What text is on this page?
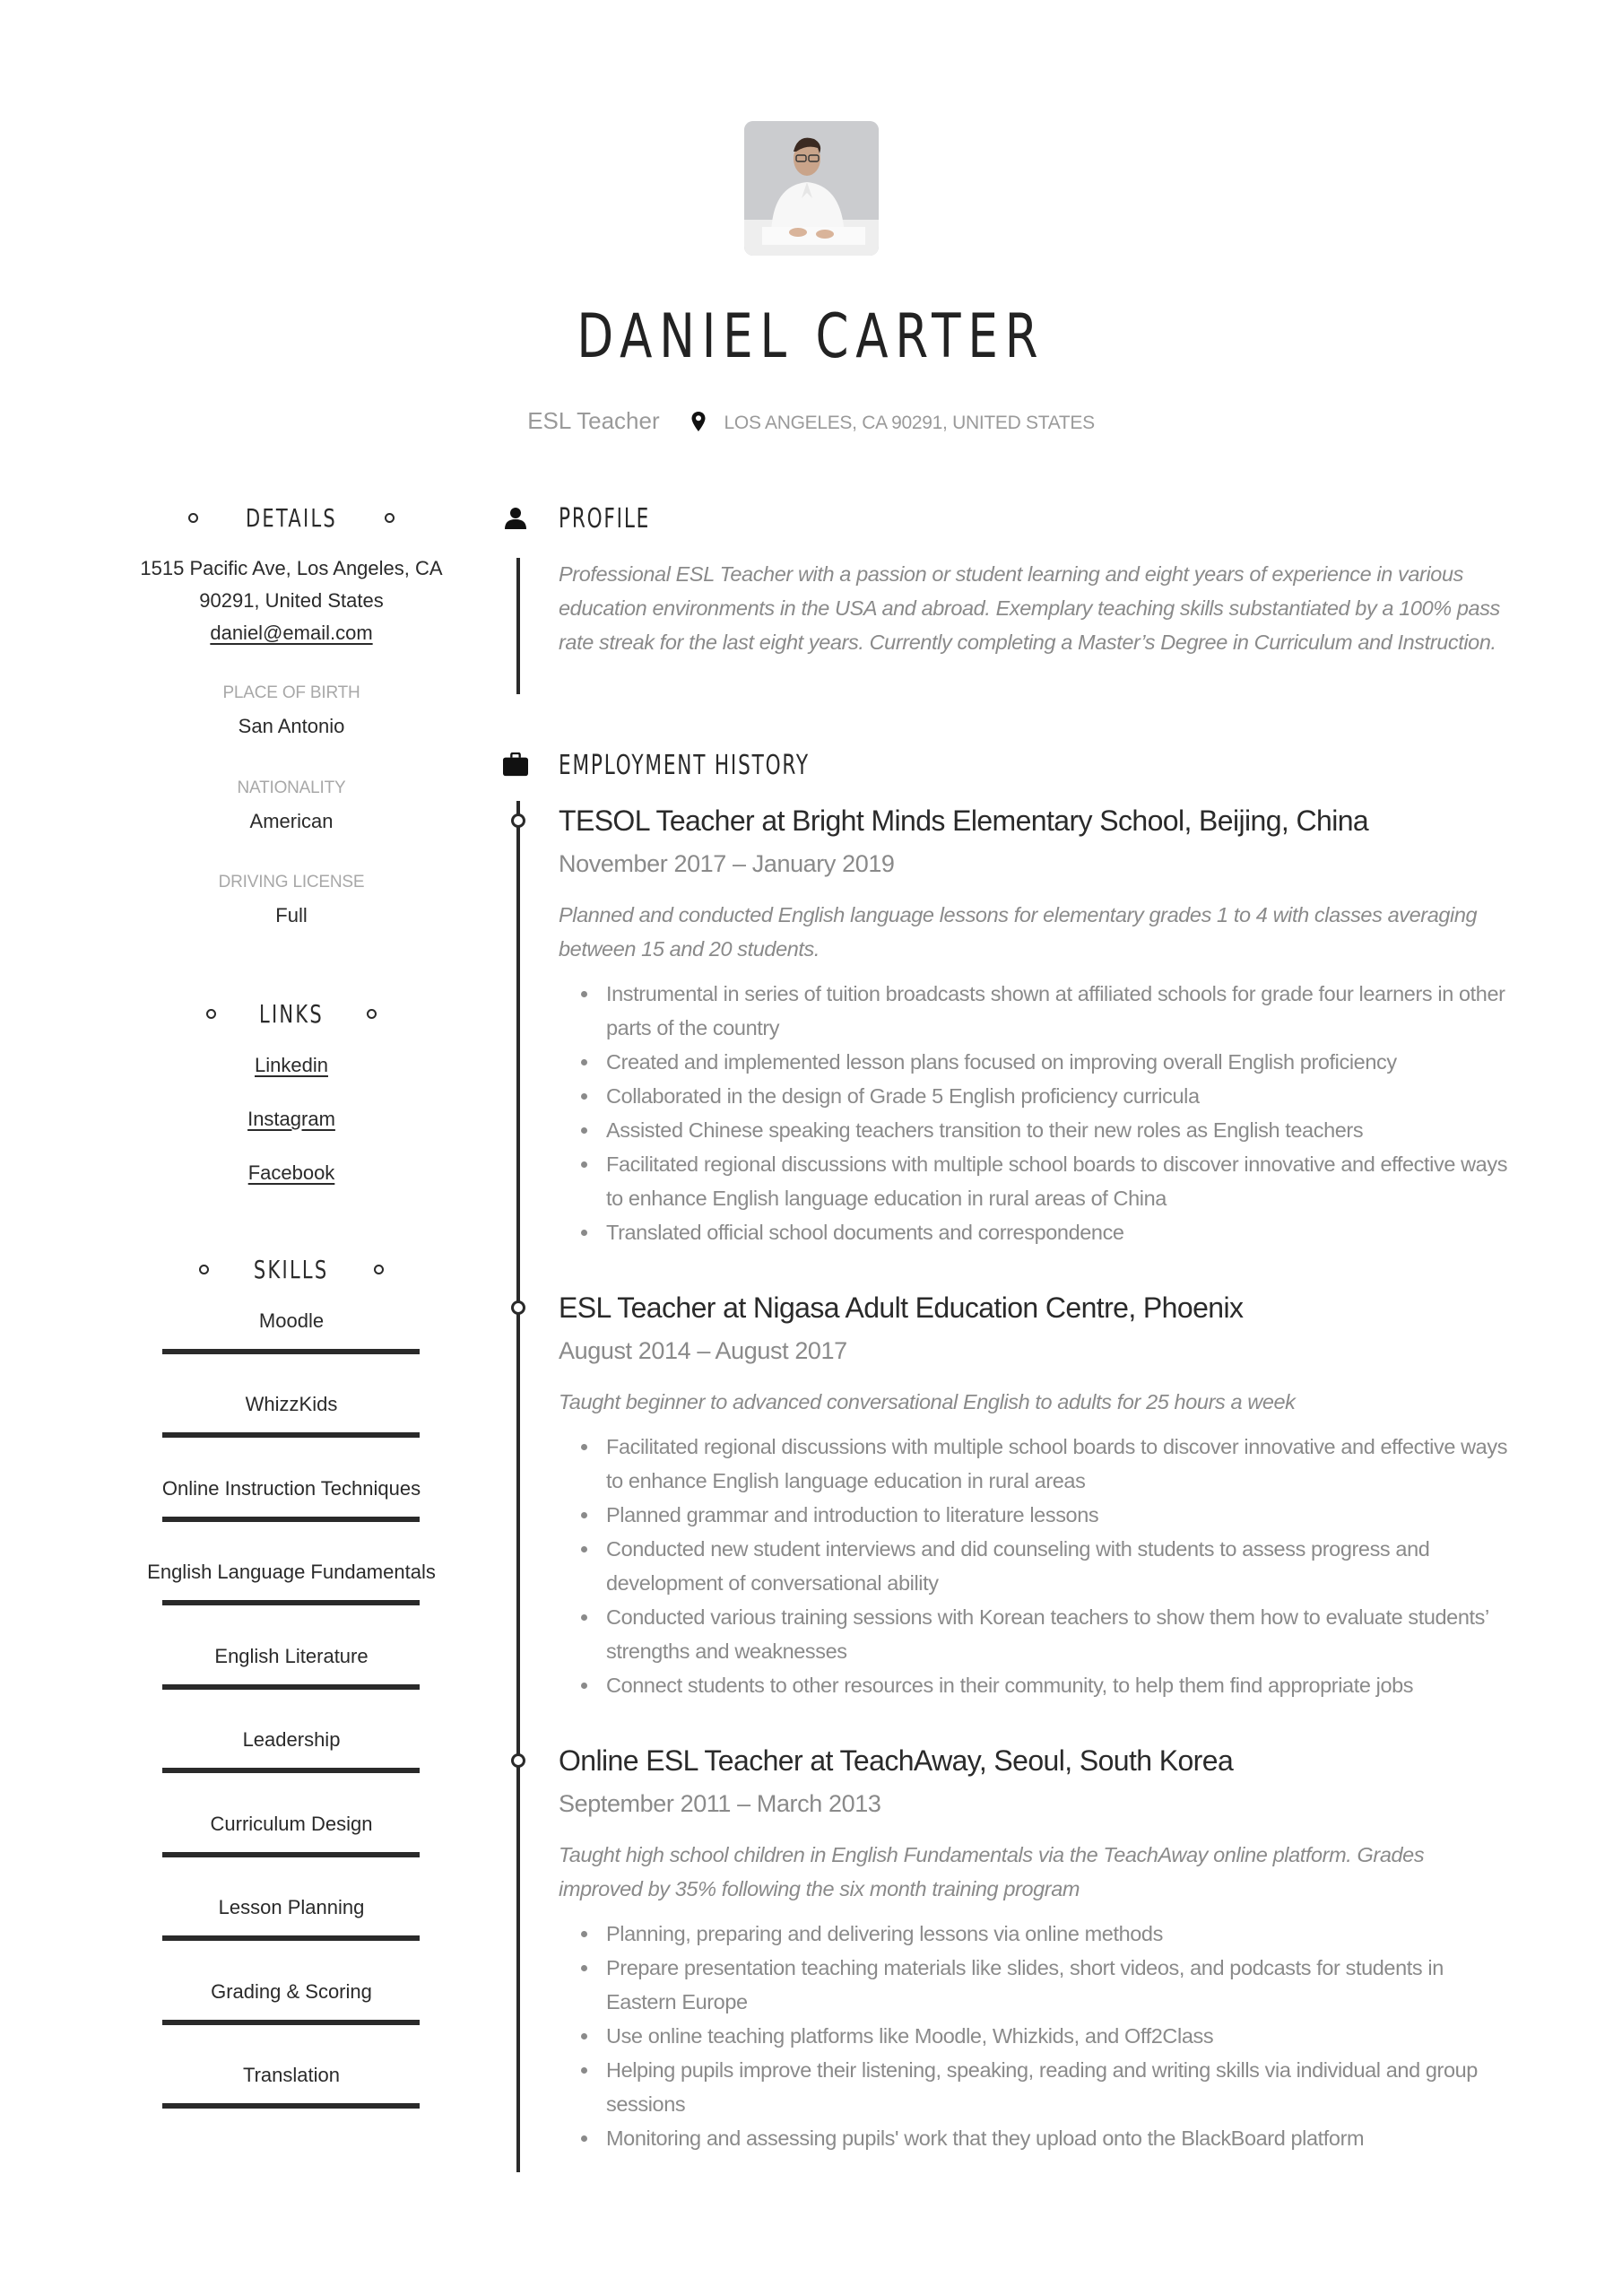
DANIEL CARTER
ESL Teacher	LOS ANGELES, CA 90291, UNITED STATES
DETAILS
1515 Pacific Ave, Los Angeles, CA
90291, United States
daniel@email.com
PLACE OF BIRTH
San Antonio
NATIONALITY
American
DRIVING LICENSE
Full
LINKS
Linkedin
Instagram
Facebook
SKILLS
Moodle
WhizzKids
Online Instruction Techniques
English Language Fundamentals
English Literature
Leadership
Curriculum Design
Lesson Planning
Grading & Scoring
Translation
PROFILE
Professional ESL Teacher with a passion or student learning and eight years of experience in various education environments in the USA and abroad. Exemplary teaching skills substantiated by a 100% pass rate streak for the last eight years. Currently completing a Master’s Degree in Curriculum and Instruction.
EMPLOYMENT HISTORY
TESOL Teacher at Bright Minds Elementary School, Beijing, China
November 2017 – January 2019
Planned and conducted English language lessons for elementary grades 1 to 4 with classes averaging between 15 and 20 students.
Instrumental in series of tuition broadcasts shown at affiliated schools for grade four learners in other parts of the country
Created and implemented lesson plans focused on improving overall English proficiency
Collaborated in the design of Grade 5 English proficiency curricula
Assisted Chinese speaking teachers transition to their new roles as English teachers
Facilitated regional discussions with multiple school boards to discover innovative and effective ways to enhance English language education in rural areas of China
Translated official school documents and correspondence
ESL Teacher at Nigasa Adult Education Centre, Phoenix
August 2014 – August 2017
Taught beginner to advanced conversational English to adults for 25 hours a week
Facilitated regional discussions with multiple school boards to discover innovative and effective ways to enhance English language education in rural areas
Planned grammar and introduction to literature lessons
Conducted new student interviews and did counseling with students to assess progress and development of conversational ability
Conducted various training sessions with Korean teachers to show them how to evaluate students’ strengths and weaknesses
Connect students to other resources in their community, to help them find appropriate jobs
Online ESL Teacher at TeachAway, Seoul, South Korea
September 2011 – March 2013
Taught high school children in English Fundamentals via the TeachAway online platform. Grades improved by 35% following the six month training program
Planning, preparing and delivering lessons via online methods
Prepare presentation teaching materials like slides, short videos, and podcasts for students in Eastern Europe
Use online teaching platforms like Moodle, Whizkids, and Off2Class
Helping pupils improve their listening, speaking, reading and writing skills via individual and group sessions
Monitoring and assessing pupils' work that they upload onto the BlackBoard platform
